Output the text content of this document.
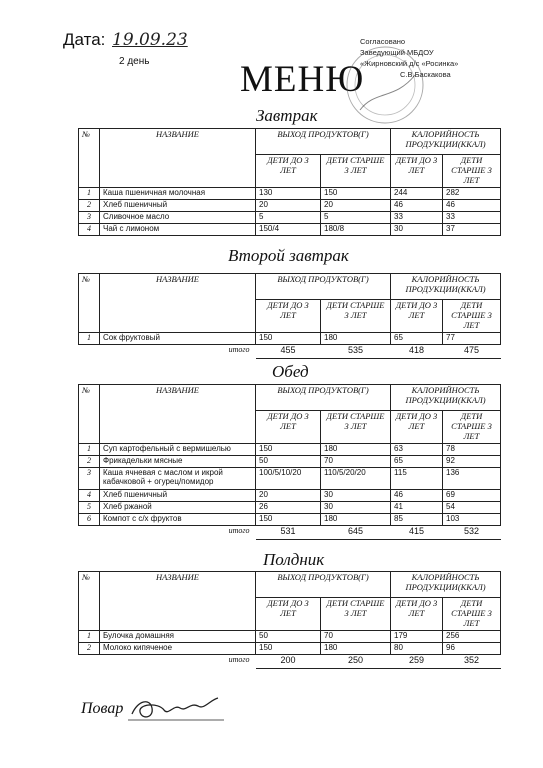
Дата: 19.09.23
2 день МЕНЮ
Согласовано
Заведующий МБДОУ
«Жирновский д/с «Росинка»
С.В.Баскакова
Завтрак
№	НАЗВАНИЕ	ВЫХОД ПРОДУКТОВ(Г)		КАЛОРИЙНОСТЬ ПРОДУКЦИИ(ККАЛ)	
		ДЕТИ ДО 3 ЛЕТ	ДЕТИ СТАРШЕ 3 ЛЕТ	ДЕТИ ДО 3 ЛЕТ	ДЕТИ СТАРШЕ 3 ЛЕТ
1	Каша пшеничная молочная	130	150	244	282
2	Хлеб пшеничный	20	20	46	46
3	Сливочное масло	5	5	33	33
4	Чай с лимоном	150/4	180/8	30	37
Второй завтрак
№	НАЗВАНИЕ	ВЫХОД ПРОДУКТОВ(Г)		КАЛОРИЙНОСТЬ ПРОДУКЦИИ(ККАЛ)	
		ДЕТИ ДО 3 ЛЕТ	ДЕТИ СТАРШЕ 3 ЛЕТ	ДЕТИ ДО 3 ЛЕТ	ДЕТИ СТАРШЕ 3 ЛЕТ
1	Сок фруктовый	150	180	65	77
итого		455	535	418	475
Обед
№	НАЗВАНИЕ	ВЫХОД ПРОДУКТОВ(Г)		КАЛОРИЙНОСТЬ ПРОДУКЦИИ(ККАЛ)	
		ДЕТИ ДО 3 ЛЕТ	ДЕТИ СТАРШЕ 3 ЛЕТ	ДЕТИ ДО 3 ЛЕТ	ДЕТИ СТАРШЕ 3 ЛЕТ
1	Суп картофельный с вермишелью	150	180	63	78
2	Фрикадельки мясные	50	70	65	92
3	Каша ячневая с маслом и икрой кабачковой + огурец/помидор	100/5/10/20	110/5/20/20	115	136
4	Хлеб пшеничный	20	30	46	69
5	Хлеб ржаной	26	30	41	54
6	Компот с с/х фруктов	150	180	85	103
итого		531	645	415	532
Полдник
№	НАЗВАНИЕ	ВЫХОД ПРОДУКТОВ(Г)		КАЛОРИЙНОСТЬ ПРОДУКЦИИ(ККАЛ)	
		ДЕТИ ДО 3 ЛЕТ	ДЕТИ СТАРШЕ 3 ЛЕТ	ДЕТИ ДО 3 ЛЕТ	ДЕТИ СТАРШЕ 3 ЛЕТ
1	Булочка домашняя	50	70	179	256
2	Молоко кипяченое	150	180	80	96
итого		200	250	259	352
Повар
